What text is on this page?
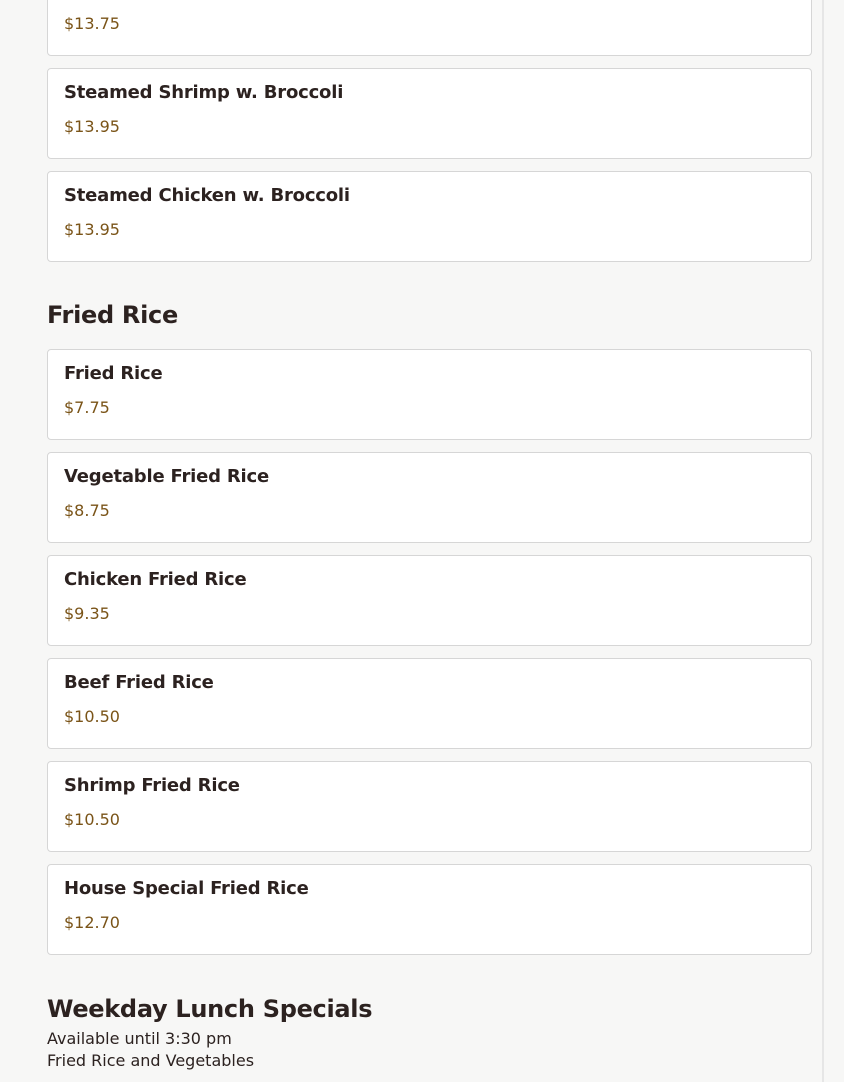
$13.75
Steamed Shrimp w. Broccoli
$13.95
Steamed Chicken w. Broccoli
$13.95
Fried Rice
Fried Rice
$7.75
Vegetable Fried Rice
$8.75
Chicken Fried Rice
$9.35
Beef Fried Rice
$10.50
Shrimp Fried Rice
$10.50
House Special Fried Rice
$12.70
Weekday Lunch Specials
Available until 3:30 pm
Fried Rice and Vegetables
